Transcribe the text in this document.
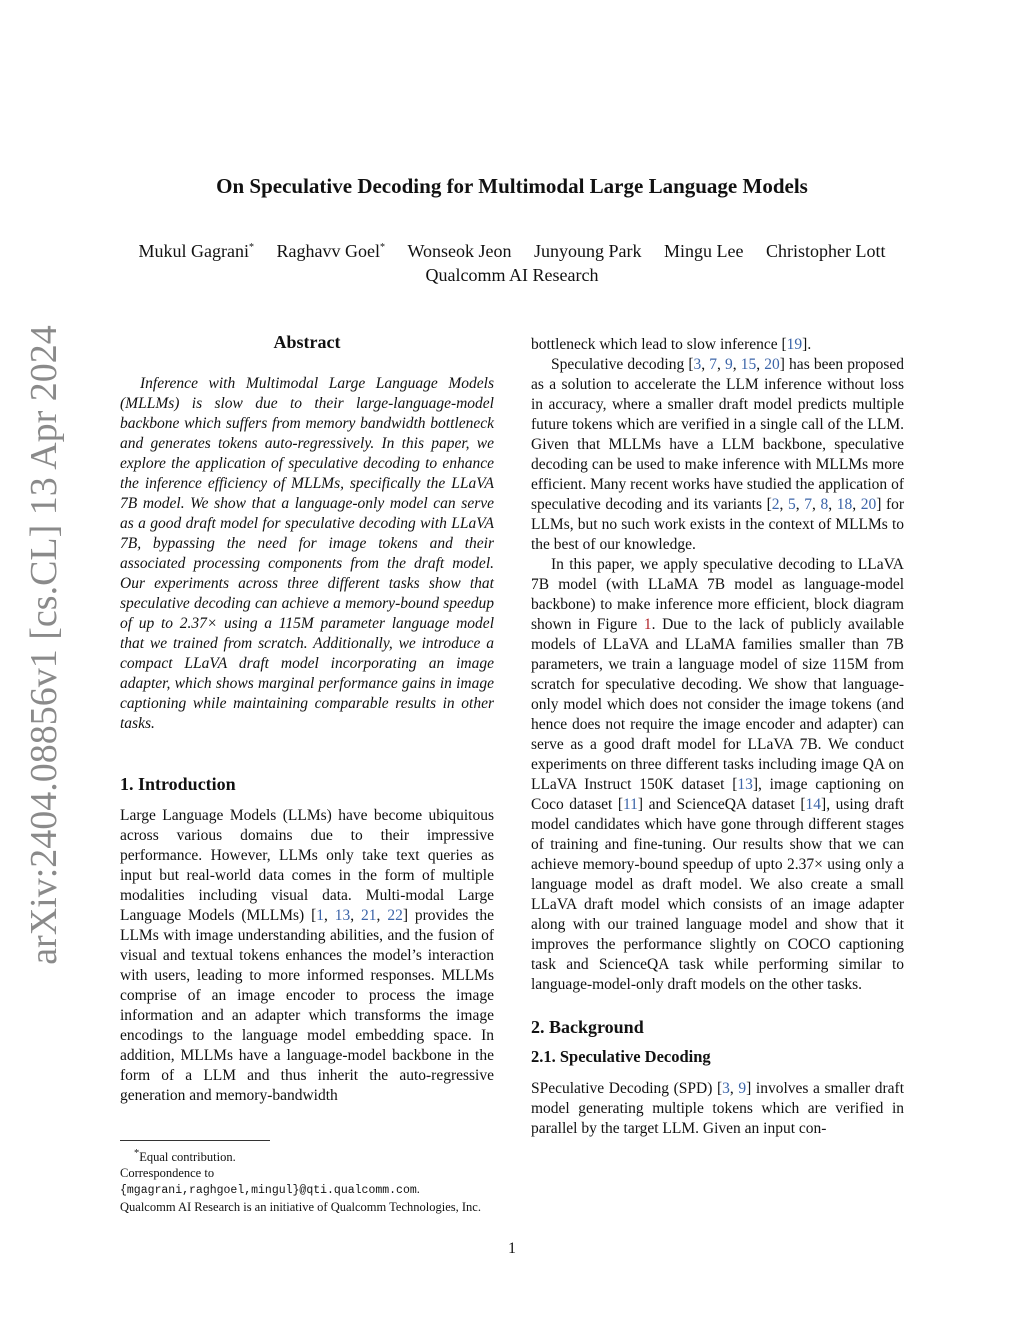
arXiv:2404.08856v1 [cs.CL] 13 Apr 2024
On Speculative Decoding for Multimodal Large Language Models
Mukul Gagrani* Raghavv Goel* Wonseok Jeon Junyoung Park Mingu Lee Christopher Lott
Qualcomm AI Research
Abstract

Inference with Multimodal Large Language Models (MLLMs) is slow due to their large-language-model backbone which suffers from memory bandwidth bottleneck and generates tokens auto-regressively. In this paper, we explore the application of speculative decoding to enhance the inference efficiency of MLLMs, specifically the LLaVA 7B model. We show that a language-only model can serve as a good draft model for speculative decoding with LLaVA 7B, bypassing the need for image tokens and their associated processing components from the draft model. Our experiments across three different tasks show that speculative decoding can achieve a memory-bound speedup of up to 2.37× using a 115M parameter language model that we trained from scratch. Additionally, we introduce a compact LLaVA draft model incorporating an image adapter, which shows marginal performance gains in image captioning while maintaining comparable results in other tasks.

1. Introduction

Large Language Models (LLMs) have become ubiquitous across various domains due to their impressive performance. However, LLMs only take text queries as input but real-world data comes in the form of multiple modalities including visual data. Multi-modal Large Language Models (MLLMs) [1, 13, 21, 22] provides the LLMs with image understanding abilities, and the fusion of visual and textual tokens enhances the model’s interaction with users, leading to more informed responses. MLLMs comprise of an image encoder to process the image information and an adapter which transforms the image encodings to the language model embedding space. In addition, MLLMs have a language-model backbone in the form of a LLM and thus inherit the auto-regressive generation and memory-bandwidth

*Equal contribution.

Correspondence to {mgagrani,raghgoel,mingul}@qti.qualcomm.com.

Qualcomm AI Research is an initiative of Qualcomm Technologies, Inc.

bottleneck which lead to slow inference [19].

Speculative decoding [3, 7, 9, 15, 20] has been proposed as a solution to accelerate the LLM inference without loss in accuracy, where a smaller draft model predicts multiple future tokens which are verified in a single call of the LLM. Given that MLLMs have a LLM backbone, speculative decoding can be used to make inference with MLLMs more efficient. Many recent works have studied the application of speculative decoding and its variants [2, 5, 7, 8, 18, 20] for LLMs, but no such work exists in the context of MLLMs to the best of our knowledge.

In this paper, we apply speculative decoding to LLaVA 7B model (with LLaMA 7B model as language-model backbone) to make inference more efficient, block diagram shown in Figure 1. Due to the lack of publicly available models of LLaVA and LLaMA families smaller than 7B parameters, we train a language model of size 115M from scratch for speculative decoding. We show that language-only model which does not consider the image tokens (and hence does not require the image encoder and adapter) can serve as a good draft model for LLaVA 7B. We conduct experiments on three different tasks including image QA on LLaVA Instruct 150K dataset [13], image captioning on Coco dataset [11] and ScienceQA dataset [14], using draft model candidates which have gone through different stages of training and fine-tuning. Our results show that we can achieve memory-bound speedup of upto 2.37× using only a language model as draft model. We also create a small LLaVA draft model which consists of an image adapter along with our trained language model and show that it improves the performance slightly on COCO captioning task and ScienceQA task while performing similar to language-model-only draft models on the other tasks.

2. Background
2.1. Speculative Decoding

SPeculative Decoding (SPD) [3, 9] involves a smaller draft model generating multiple tokens which are verified in parallel by the target LLM. Given an input con-

1
